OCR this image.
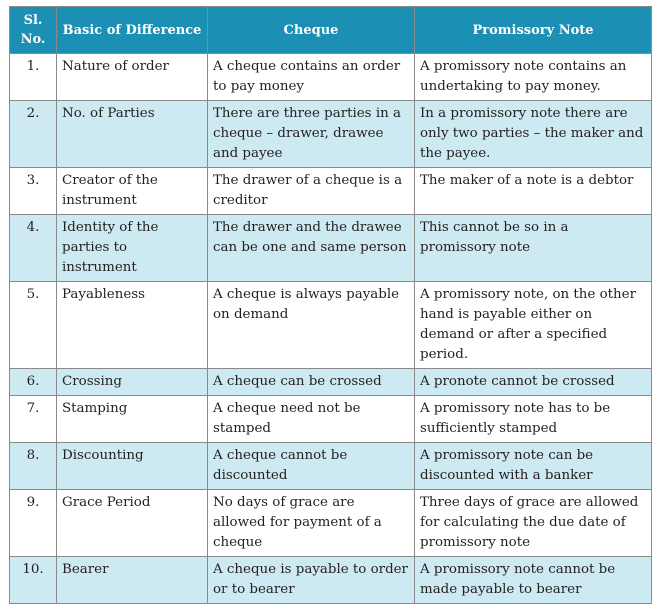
Sl.
No.	Basic of Difference	Cheque	Promissory Note
1.	Nature of order	A cheque contains an order to pay money	A promissory note contains an undertaking to pay money.
2.	No. of Parties	There are three parties in a cheque – drawer, drawee and payee	In a promissory note there are only two parties – the maker and the payee.
3.	Creator of the instrument	The drawer of a cheque is a creditor	The maker of a note is a debtor
4.	Identity of the parties to instrument	The drawer and the drawee can be one and same person	This cannot be so in a promissory note
5.	Payableness	A cheque is always payable on demand	A promissory note, on the other hand is payable either on demand or after a specified period.
6.	Crossing	A cheque can be crossed	A pronote cannot be crossed
7.	Stamping	A cheque need not be stamped	A promissory note has to be sufficiently stamped
8.	Discounting	A cheque cannot be discounted	A promissory note can be discounted with a banker
9.	Grace Period	No days of grace are allowed for payment of a cheque	Three days of grace are allowed for calculating the due date of promissory note
10.	Bearer	A cheque is payable to order or to bearer	A promissory note cannot be made payable to bearer
